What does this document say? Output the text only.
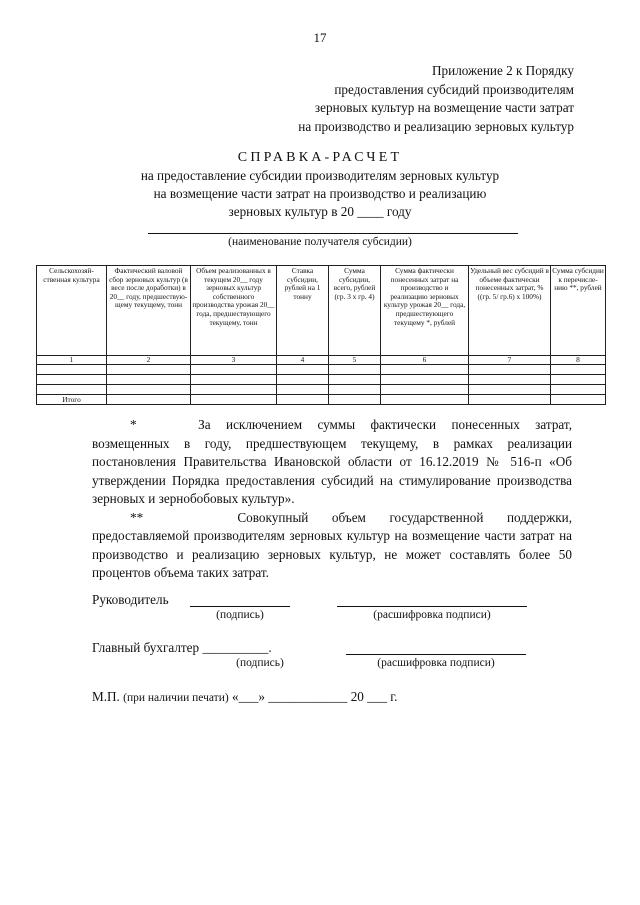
17
Приложение 2 к Порядку
предоставления субсидий производителям
зерновых культур на возмещение части затрат
на производство и реализацию зерновых культур
СПРАВКА-РАСЧЕТ
на предоставление субсидии производителям зерновых культур
на возмещение части затрат на производство и реализацию
зерновых культур в 20 ____ году
(наименование получателя субсидии)
Сельскохозяй-ственная культура	Фактический валовой сбор зерновых культур (в весе после доработки) в 20__ году, предшествую-щему текущему, тонн	Объем реализованных в текущем 20__ году зерновых культур собственного производства урожая 20__ года, предшествующего текущему, тонн	Ставка субсидии, рублей на 1 тонну	Сумма субсидии, всего, рублей (гр. 3 x гр. 4)	Сумма фактически понесенных затрат на производство и реализацию зерновых культур урожая 20__ года, предшествующего текущему *, рублей	Удельный вес субсидий в объеме фактически понесенных затрат, % ((гр. 5/ гр.6) x 100%)	Сумма субсидии к перечисле-нию **, рублей
1	2	3	4	5	6	7	8

Итого							

*	За исключением суммы фактически понесенных затрат,

возмещенных в году, предшествующем текущему, в рамках реализации постановления Правительства Ивановской области от 16.12.2019 № 516-п «Об утверждении Порядка предоставления субсидий на стимулирование производства зерновых и зернобобовых культур».

**	Совокупный объем государственной поддержки,

предоставляемой производителям зерновых культур на возмещение части затрат на производство и реализацию зерновых культур, не может составлять более 50 процентов объема таких затрат.

Руководитель
(подпись)	(расшифровка подписи)
Главный бухгалтер __________.
(подпись)	(расшифровка подписи)
М.П. (при наличии печати) «___» ____________ 20 ___ г.
